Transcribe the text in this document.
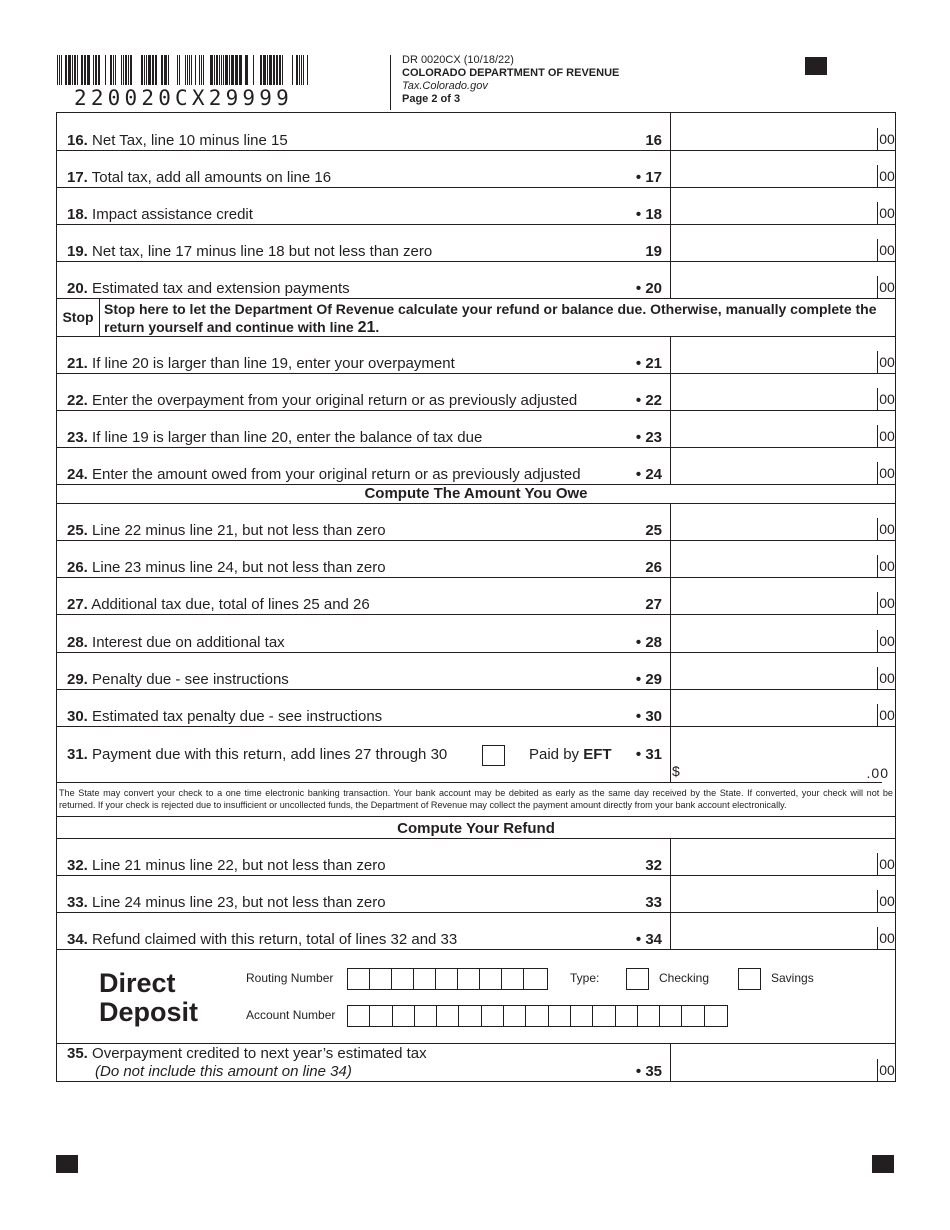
220020CX29999
DR 0020CX (10/18/22)
COLORADO DEPARTMENT OF REVENUE
Tax.Colorado.gov
Page 2 of 3
16. Net Tax, line 10 minus line 15	16	00
17. Total tax, add all amounts on line 16	• 17	00
18. Impact assistance credit	• 18	00
19. Net tax, line 17 minus line 18 but not less than zero	19	00
20. Estimated tax and extension payments	• 20	00
Stop Stop here to let the Department Of Revenue calculate your refund or balance due. Otherwise, manually complete the
return yourself and continue with line 21.
21. If line 20 is larger than line 19, enter your overpayment	• 21	00
22. Enter the overpayment from your original return or as previously adjusted	• 22	00
23. If line 19 is larger than line 20, enter the balance of tax due	• 23	00
24. Enter the amount owed from your original return or as previously adjusted	• 24	00
Compute The Amount You Owe
25. Line 22 minus line 21, but not less than zero	25	00
26. Line 23 minus line 24, but not less than zero	26	00
27. Additional tax due, total of lines 25 and 26	27	00
28. Interest due on additional tax	• 28	00
29. Penalty due - see instructions	• 29	00
30. Estimated tax penalty due - see instructions	• 30	00
31. Payment due with this return, add lines 27 through 30	Paid by EFT	• 31
$	.00
The State may convert your check to a one time electronic banking transaction. Your bank account may be debited as early as the same day received by the State. If converted, your check will not be returned. If your check is rejected due to insufficient or uncollected funds, the Department of Revenue may collect the payment amount directly from your bank account electronically.
Compute Your Refund
32. Line 21 minus line 22, but not less than zero	32	00
33. Line 24 minus line 23, but not less than zero	33	00
34. Refund claimed with this return, total of lines 32 and 33	• 34	00
Direct
Deposit
Routing Number	Type:	Checking	Savings
Account Number
35. Overpayment credited to next year’s estimated tax
(Do not include this amount on line 34)	• 35	00
